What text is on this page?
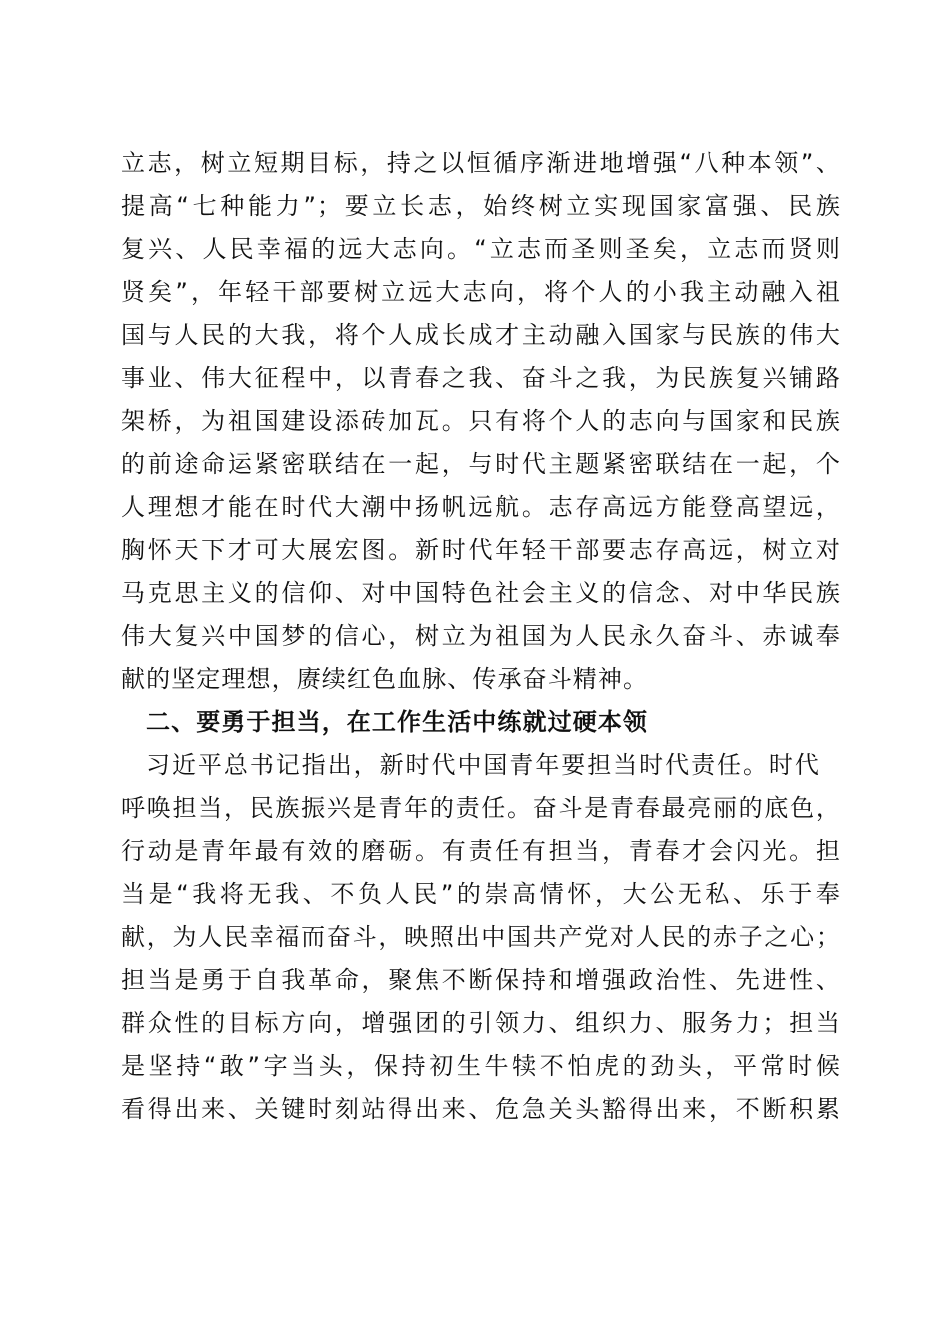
立志，树立短期目标，持之以恒循序渐进地增强“八种本领”、
提高“七种能力”；要立长志，始终树立实现国家富强、民族
复兴、人民幸福的远大志向。“立志而圣则圣矣，立志而贤则
贤矣”，年轻干部要树立远大志向，将个人的小我主动融入祖
国与人民的大我，将个人成长成才主动融入国家与民族的伟大
事业、伟大征程中，以青春之我、奋斗之我，为民族复兴铺路
架桥，为祖国建设添砖加瓦。只有将个人的志向与国家和民族
的前途命运紧密联结在一起，与时代主题紧密联结在一起，个
人理想才能在时代大潮中扬帆远航。志存高远方能登高望远，
胸怀天下才可大展宏图。新时代年轻干部要志存高远，树立对
马克思主义的信仰、对中国特色社会主义的信念、对中华民族
伟大复兴中国梦的信心，树立为祖国为人民永久奋斗、赤诚奉
献的坚定理想，赓续红色血脉、传承奋斗精神。
二、要勇于担当，在工作生活中练就过硬本领
习近平总书记指出，新时代中国青年要担当时代责任。时代
呼唤担当，民族振兴是青年的责任。奋斗是青春最亮丽的底色，
行动是青年最有效的磨砺。有责任有担当，青春才会闪光。担
当是“我将无我、不负人民”的崇高情怀，大公无私、乐于奉
献，为人民幸福而奋斗，映照出中国共产党对人民的赤子之心；
担当是勇于自我革命，聚焦不断保持和增强政治性、先进性、
群众性的目标方向，增强团的引领力、组织力、服务力；担当
是坚持“敢”字当头，保持初生牛犊不怕虎的劲头，平常时候
看得出来、关键时刻站得出来、危急关头豁得出来，不断积累
